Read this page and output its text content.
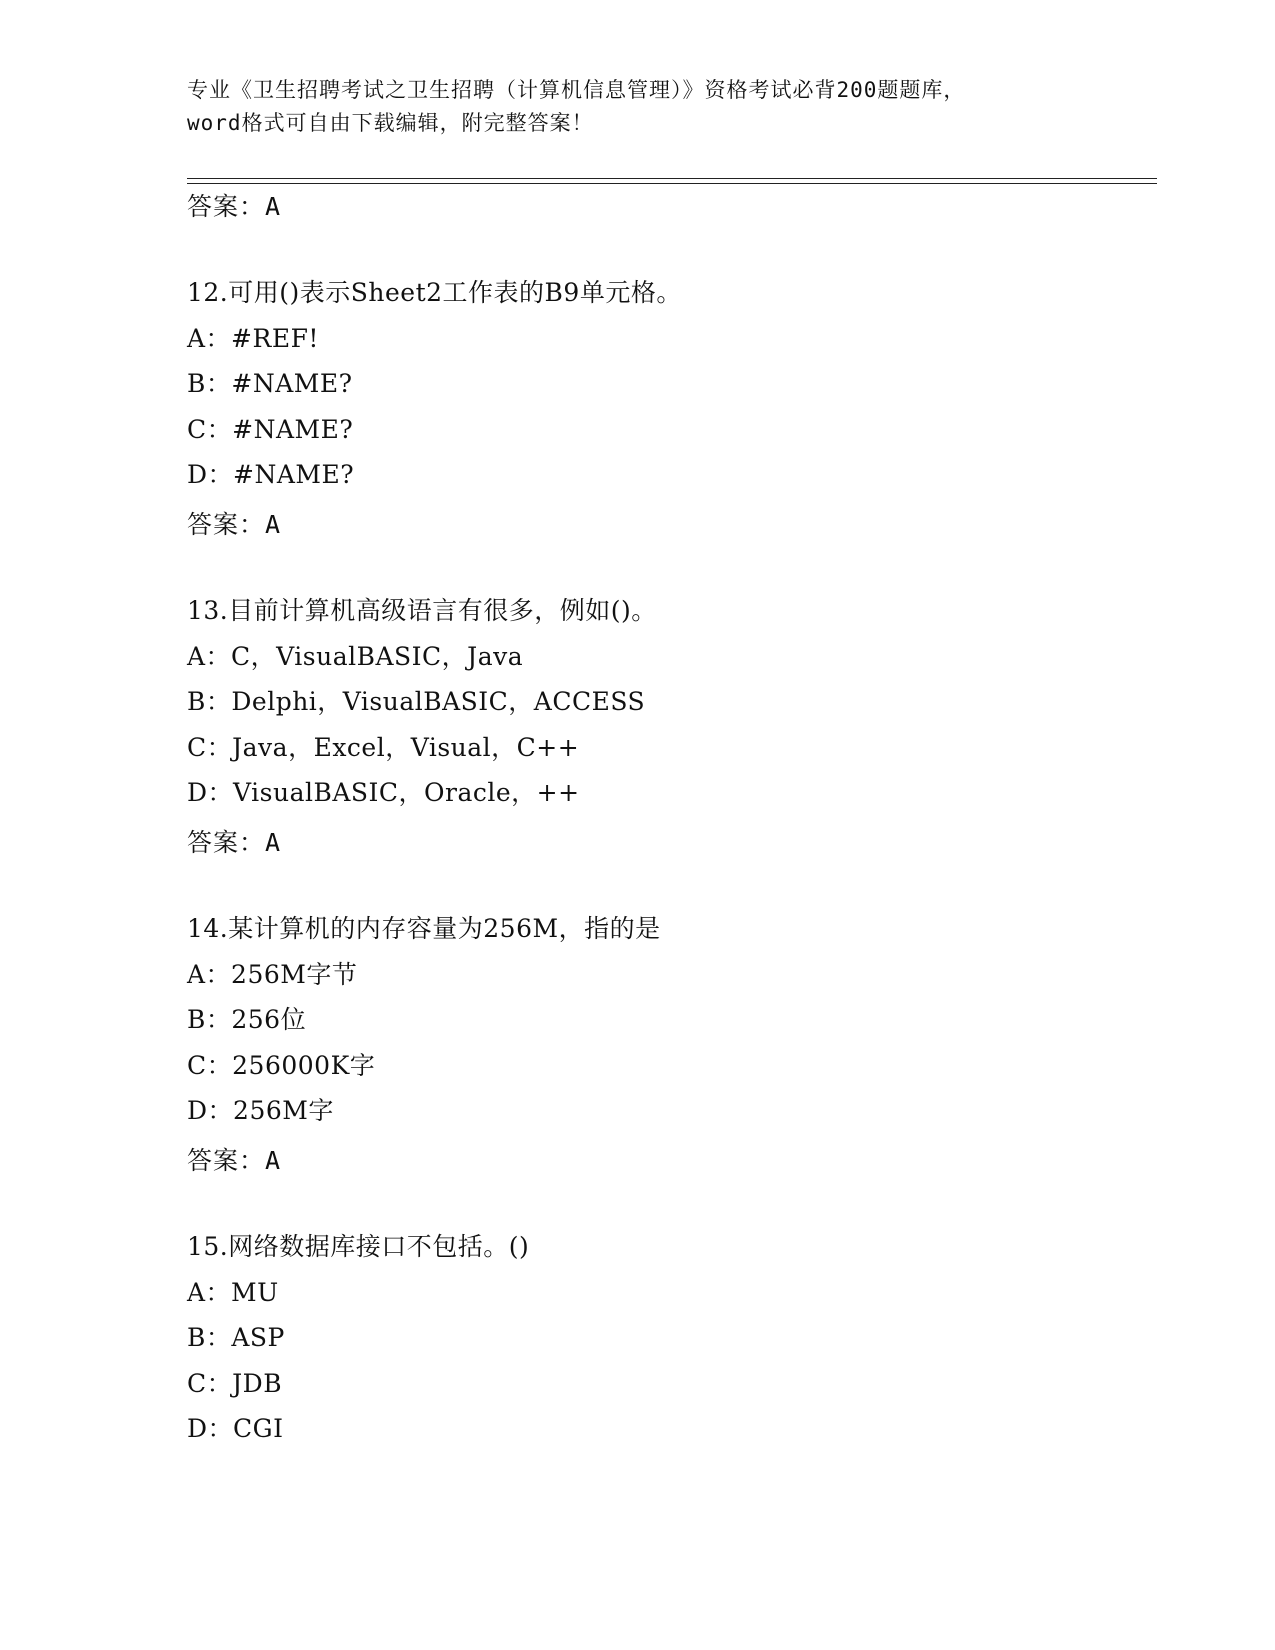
专业《卫生招聘考试之卫生招聘（计算机信息管理）》资格考试必背200题题库，
word格式可自由下载编辑，附完整答案！
答案：A
12.可用()表示Sheet2工作表的B9单元格。
A：#REF!
B：#NAME?
C：#NAME?
D：#NAME?
答案：A
13.目前计算机高级语言有很多，例如()。
A：C，VisualBASIC，Java
B：Delphi，VisualBASIC，ACCESS
C：Java，Excel，Visual，C++
D：VisualBASIC，Oracle，++
答案：A
14.某计算机的内存容量为256M，指的是
A：256M字节
B：256位
C：256000K字
D：256M字
答案：A
15.网络数据库接口不包括。()
A：MU
B：ASP
C：JDB
D：CGI
